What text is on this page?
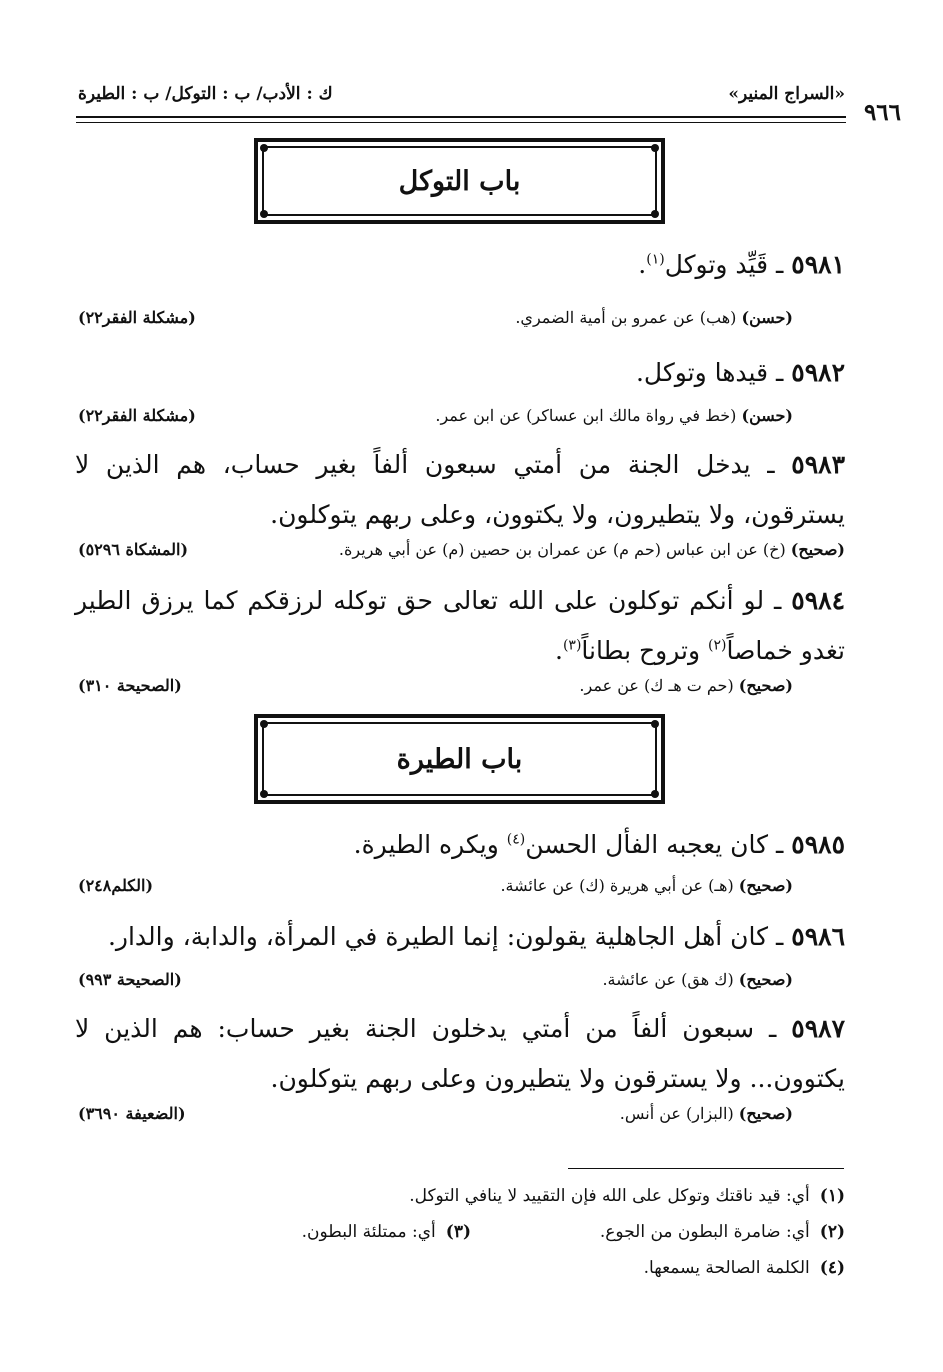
«السراج المنير»
ك : الأدب/ ب : التوكل/ ب : الطيرة
٩٦٦
باب التوكل
٥٩٨١ ـ قَيِّد وتوكل$^{(١)}$.
(حسن) (هب) عن عمرو بن أمية الضمري.
(مشكلة الفقر٢٢)
٥٩٨٢ ـ قيدها وتوكل.
(حسن) (خط في رواة مالك ابن عساكر) عن ابن عمر.
(مشكلة الفقر٢٢)
٥٩٨٣ ـ يدخل الجنة من أمتي سبعون ألفاً بغير حساب، هم الذين لا يسترقون، ولا يتطيرون، ولا يكتوون، وعلى ربهم يتوكلون.
(صحيح) (خ) عن ابن عباس (حم م) عن عمران بن حصين (م) عن أبي هريرة.
(المشكاة ٥٢٩٦)
٥٩٨٤ ـ لو أنكم توكلون على الله تعالى حق توكله لرزقكم كما يرزق الطير تغدو خماصاً$^{(٢)}$ وتروح بطاناً$^{(٣)}$.
(صحيح) (حم ت هـ ك) عن عمر.
(الصحيحة ٣١٠)
باب الطيرة
٥٩٨٥ ـ كان يعجبه الفأل الحسن$^{(٤)}$ ويكره الطيرة.
(صحيح) (هـ) عن أبي هريرة (ك) عن عائشة.
(الكلم٢٤٨)
٥٩٨٦ ـ كان أهل الجاهلية يقولون: إنما الطيرة في المرأة، والدابة، والدار.
(صحيح) (ك هق) عن عائشة.
(الصحيحة ٩٩٣)
٥٩٨٧ ـ سبعون ألفاً من أمتي يدخلون الجنة بغير حساب: هم الذين لا يكتوون... ولا يسترقون ولا يتطيرون وعلى ربهم يتوكلون.
(صحيح) (البزار) عن أنس.
(الضعيفة ٣٦٩٠)
(١)أي: قيد ناقتك وتوكل على الله فإن التقييد لا ينافي التوكل.
(٢)أي: ضامرة البطون من الجوع.
(٣)أي: ممتلئة البطون.
(٤)الكلمة الصالحة يسمعها.
